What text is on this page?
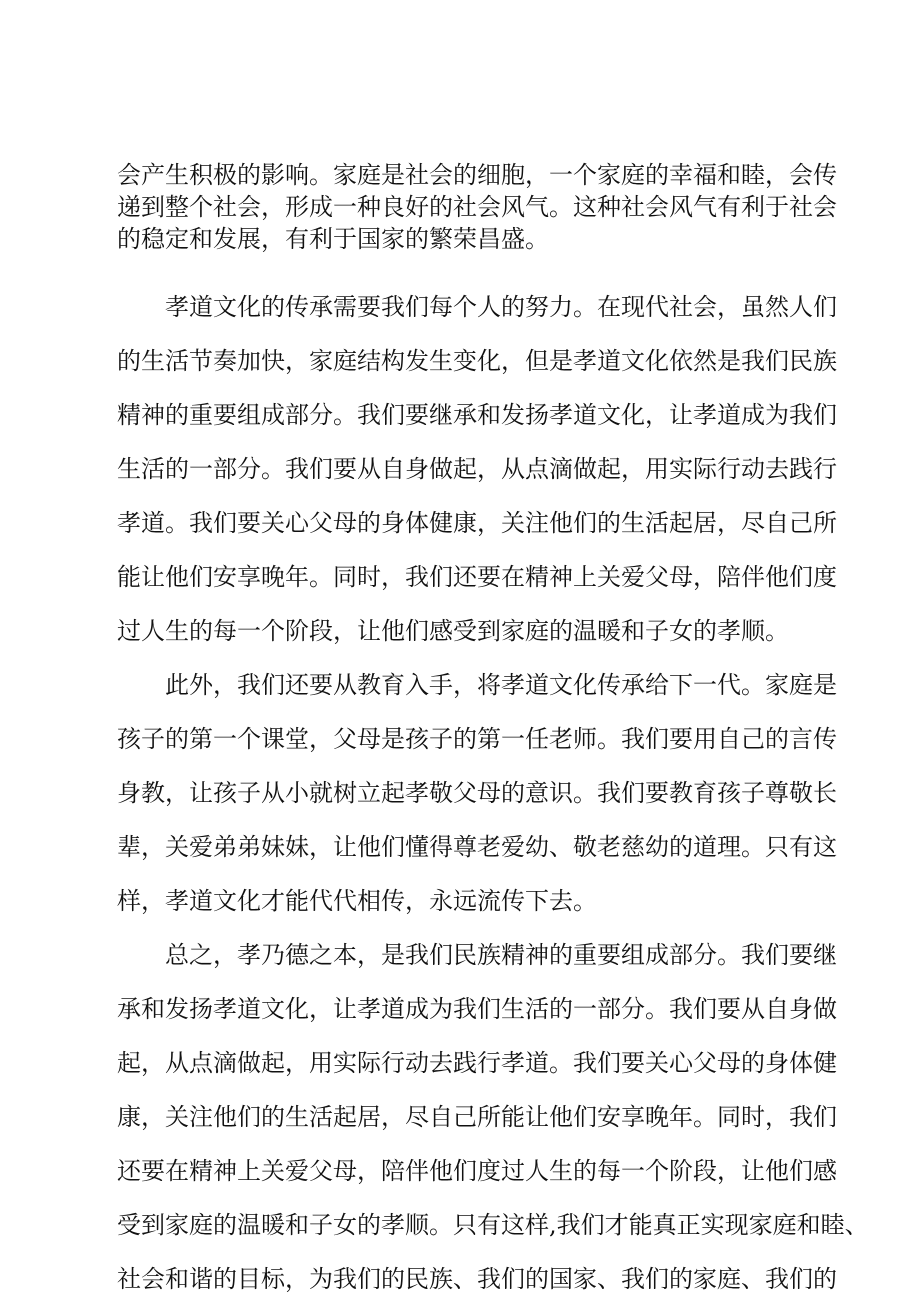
会产生积极的影响。家庭是社会的细胞，一个家庭的幸福和睦，会传

递到整个社会，形成一种良好的社会风气。这种社会风气有利于社会

的稳定和发展，有利于国家的繁荣昌盛。

孝道文化的传承需要我们每个人的努力。在现代社会，虽然人们

的生活节奏加快，家庭结构发生变化，但是孝道文化依然是我们民族

精神的重要组成部分。我们要继承和发扬孝道文化，让孝道成为我们

生活的一部分。我们要从自身做起，从点滴做起，用实际行动去践行

孝道。我们要关心父母的身体健康，关注他们的生活起居，尽自己所

能让他们安享晚年。同时，我们还要在精神上关爱父母，陪伴他们度

过人生的每一个阶段，让他们感受到家庭的温暖和子女的孝顺。

此外，我们还要从教育入手，将孝道文化传承给下一代。家庭是

孩子的第一个课堂，父母是孩子的第一任老师。我们要用自己的言传

身教，让孩子从小就树立起孝敬父母的意识。我们要教育孩子尊敬长

辈，关爱弟弟妹妹，让他们懂得尊老爱幼、敬老慈幼的道理。只有这

样，孝道文化才能代代相传，永远流传下去。

总之，孝乃德之本，是我们民族精神的重要组成部分。我们要继

承和发扬孝道文化，让孝道成为我们生活的一部分。我们要从自身做

起，从点滴做起，用实际行动去践行孝道。我们要关心父母的身体健

康，关注他们的生活起居，尽自己所能让他们安享晚年。同时，我们

还要在精神上关爱父母，陪伴他们度过人生的每一个阶段，让他们感

受到家庭的温暖和子女的孝顺。只有这样,我们才能真正实现家庭和睦、

社会和谐的目标，为我们的民族、我们的国家、我们的家庭、我们的
